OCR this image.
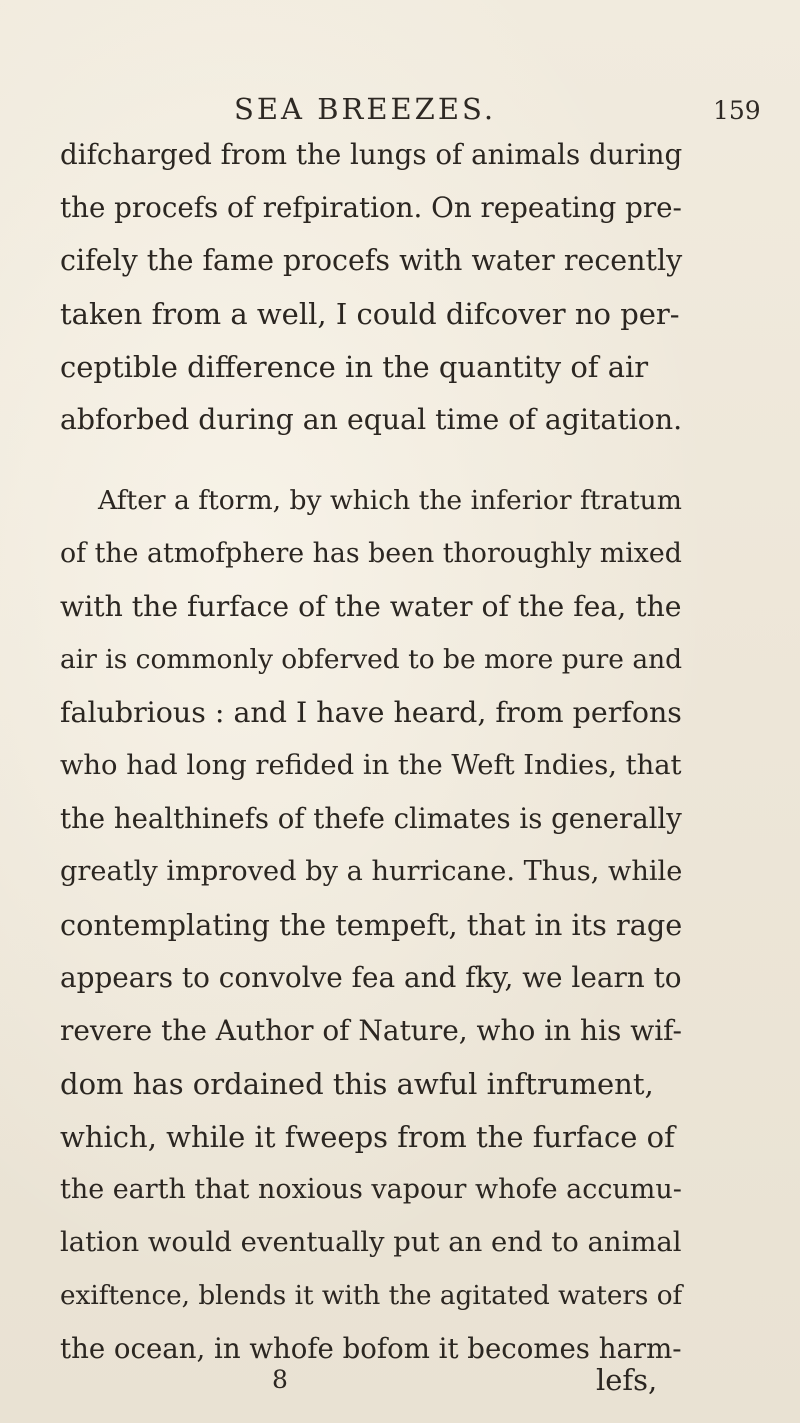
SEA BREEZES.	159
difcharged from the lungs of animals during
the procefs of refpiration. On repeating pre-
cifely the fame procefs with water recently
taken from a well, I could difcover no per-
ceptible difference in the quantity of air
abforbed during an equal time of agitation.
After a ftorm, by which the inferior ftratum
of the atmofphere has been thoroughly mixed
with the furface of the water of the fea, the
air is commonly obferved to be more pure and
falubrious : and I have heard, from perfons
who had long refided in the Weft Indies, that
the healthinefs of thefe climates is generally
greatly improved by a hurricane. Thus, while
contemplating the tempeft, that in its rage
appears to convolve fea and fky, we learn to
revere the Author of Nature, who in his wif-
dom has ordained this awful inftrument,
which, while it fweeps from the furface of
the earth that noxious vapour whofe accumu-
lation would eventually put an end to animal
exiftence, blends it with the agitated waters of
the ocean, in whofe bofom it becomes harm-
8	lefs,
